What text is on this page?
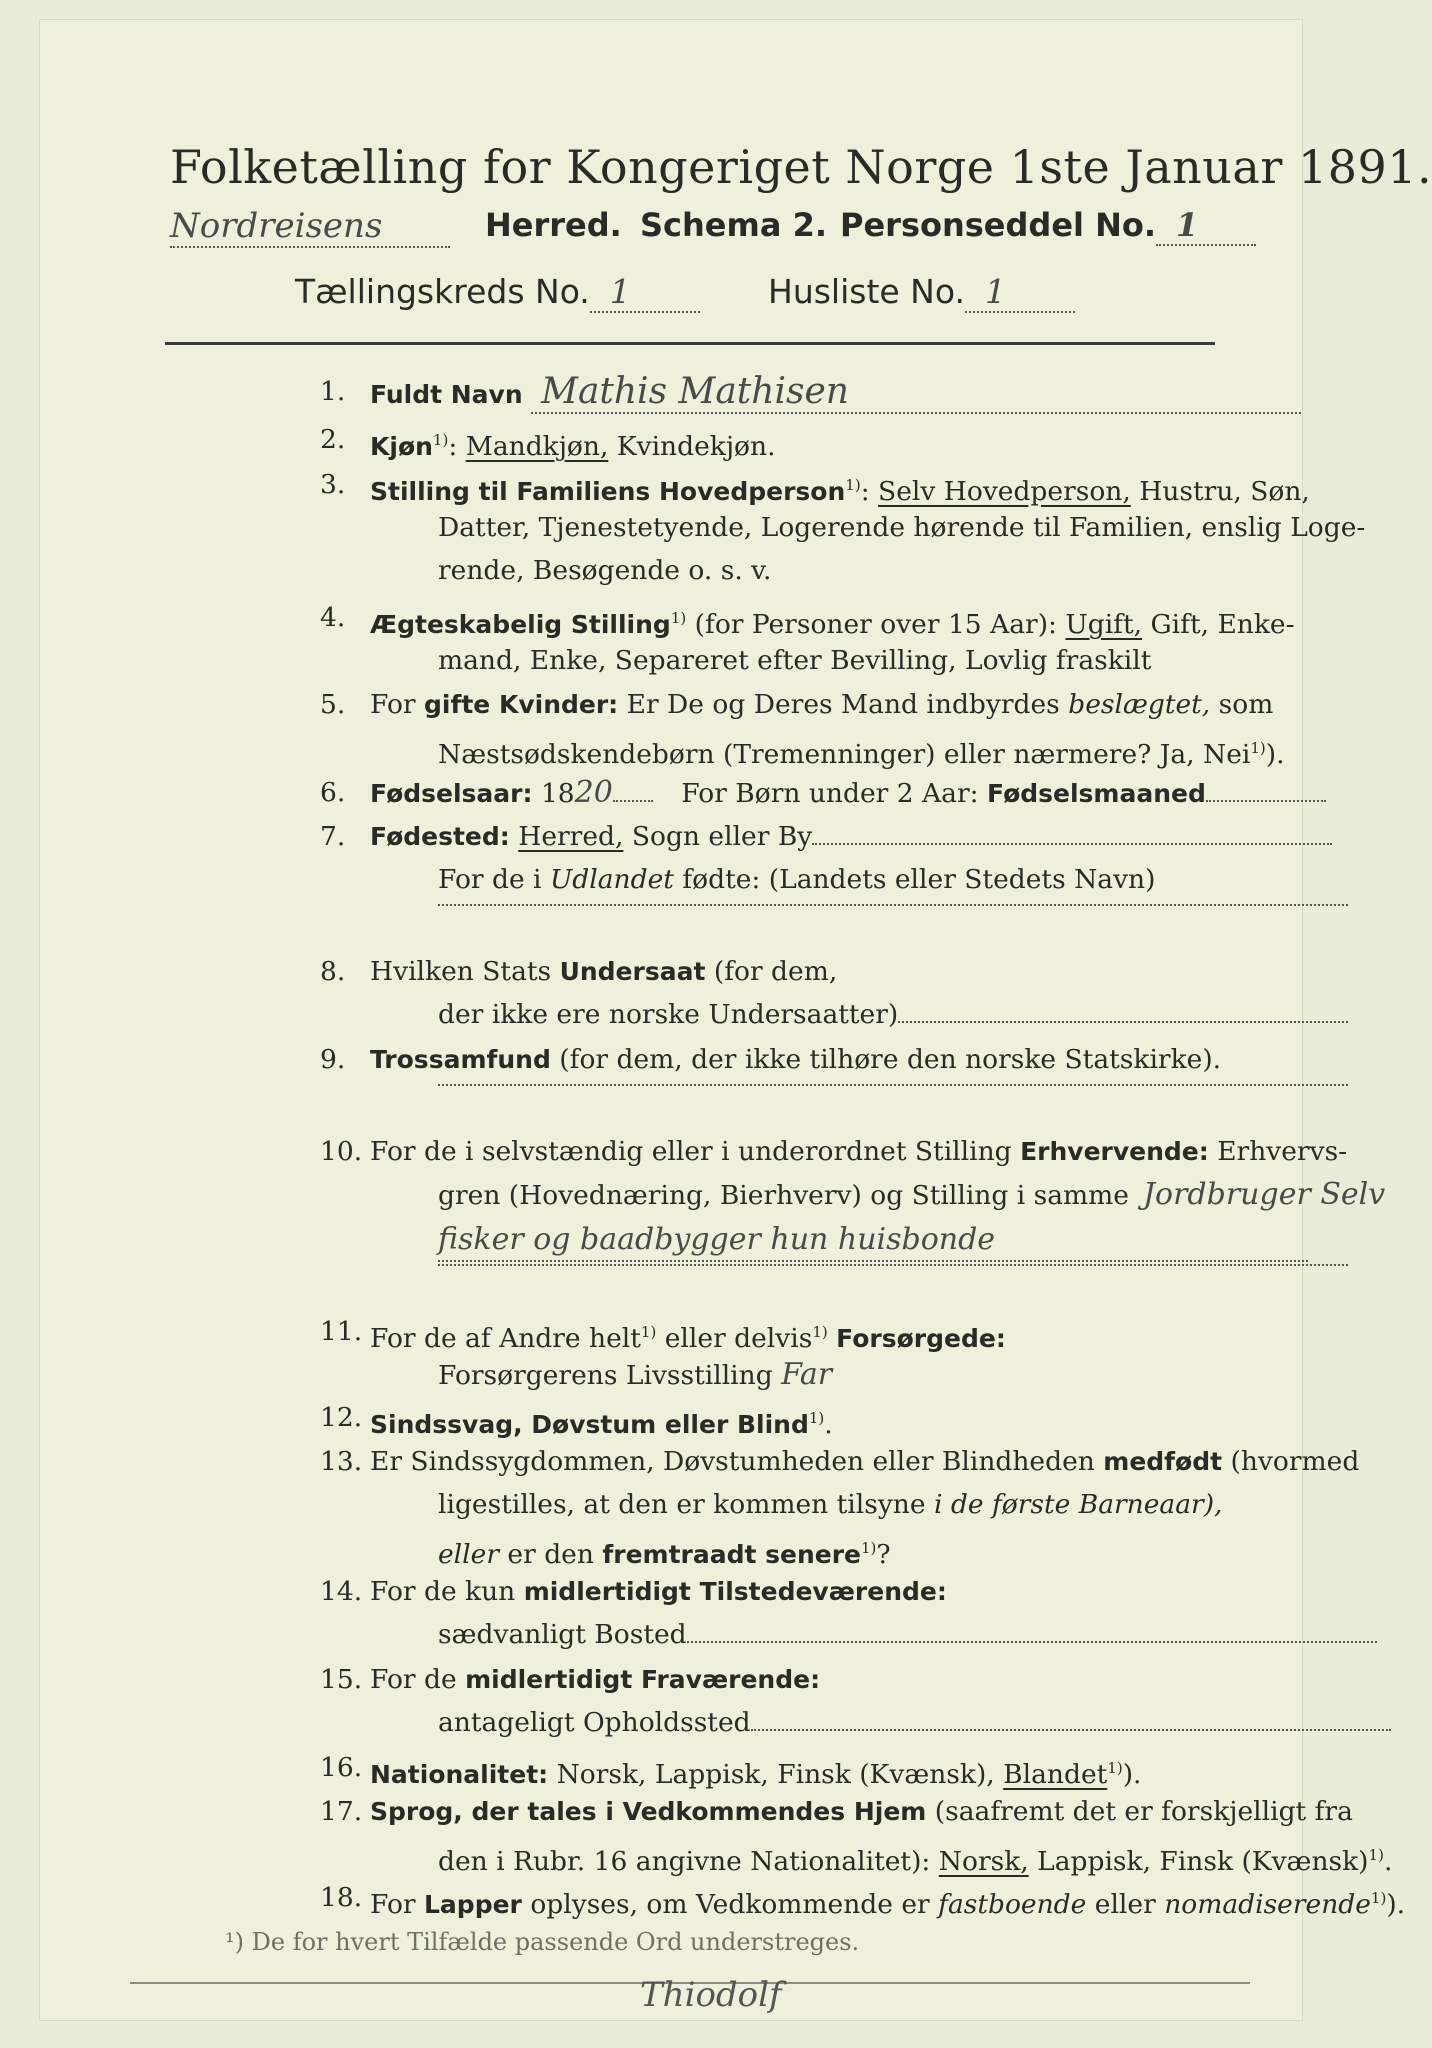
Folketælling for Kongeriget Norge 1ste Januar 1891.
Nordreisens	Herred. Schema 2. Personseddel No. 1
Tællingskreds No. 1	Husliste No. 1
1. Fuldt Navn Mathis Mathisen
2. Kjøn$^{1)}$: Mandkjøn, Kvindekjøn.
3. Stilling til Familiens Hovedperson$^{1)}$: Selv Hovedperson, Hustru, Søn,
Datter, Tjenestetyende, Logerende hørende til Familien, enslig Loge-
rende, Besøgende o. s. v.
4. Ægteskabelig Stilling$^{1)}$ (for Personer over 15 Aar): Ugift, Gift, Enke-
mand, Enke, Separeret efter Bevilling, Lovlig fraskilt
5. For gifte Kvinder: Er De og Deres Mand indbyrdes beslægtet, som
Næstsødskendebørn (Tremenninger) eller nærmere? Ja, Nei$^{1)}$).
6. Fødselsaar: 1820	For Børn under 2 Aar: Fødselsmaaned
7. Fødested: Herred, Sogn eller By
For de i Udlandet fødte: (Landets eller Stedets Navn)
8. Hvilken Stats Undersaat (for dem,
der ikke ere norske Undersaatter)
9. Trossamfund (for dem, der ikke tilhøre den norske Statskirke).
10. For de i selvstændig eller i underordnet Stilling Erhvervende: Erhvervs-
gren (Hovednæring, Bierhverv) og Stilling i samme Jordbruger Selv
fisker og baadbygger hun huisbonde
11. For de af Andre helt$^{1)}$ eller delvis$^{1)}$ Forsørgede:
Forsørgerens Livsstilling Far
12. Sindssvag, Døvstum eller Blind$^{1)}$.
13. Er Sindssygdommen, Døvstumheden eller Blindheden medfødt (hvormed
ligestilles, at den er kommen tilsyne i de første Barneaar),
eller er den fremtraadt senere$^{1)}$?
14. For de kun midlertidigt Tilstedeværende:
sædvanligt Bosted
15. For de midlertidigt Fraværende:
antageligt Opholdssted
16. Nationalitet: Norsk, Lappisk, Finsk (Kvænsk), Blandet$^{1)}$).
17. Sprog, der tales i Vedkommendes Hjem (saafremt det er forskjelligt fra
den i Rubr. 16 angivne Nationalitet): Norsk, Lappisk, Finsk (Kvænsk)$^{1)}$.
18. For Lapper oplyses, om Vedkommende er fastboende eller nomadiserende$^{1)}$).
¹) De for hvert Tilfælde passende Ord understreges.
Thiodolf
